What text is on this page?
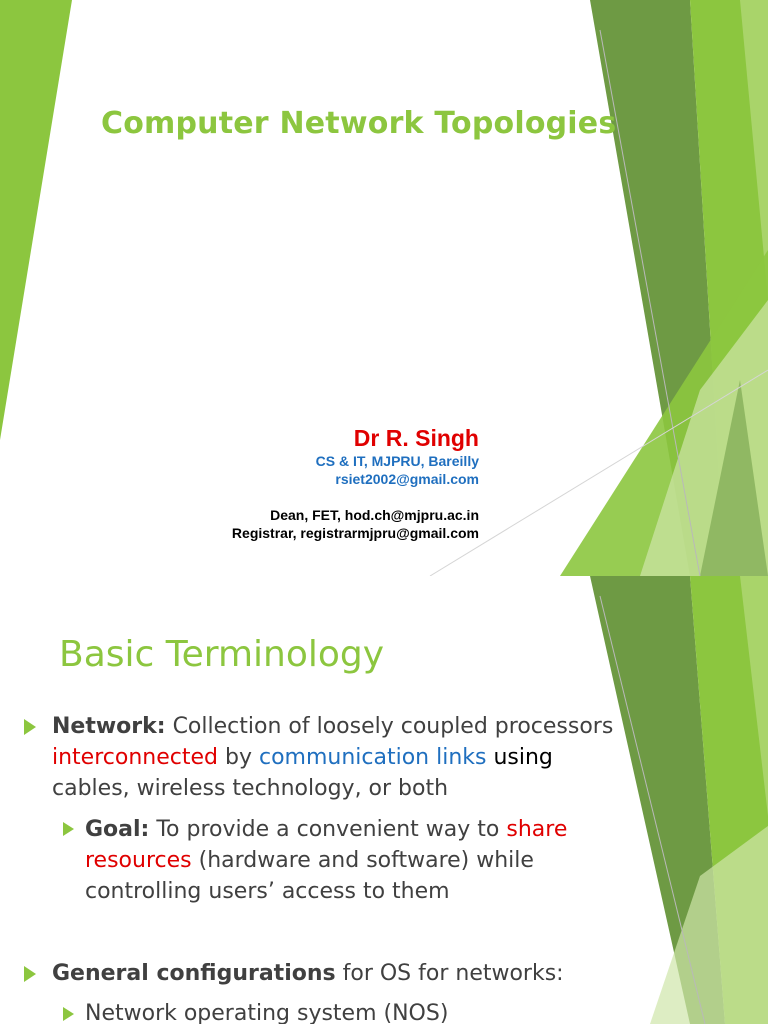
Computer Network Topologies
Dr R. Singh
CS & IT, MJPRU, Bareilly
rsiet2002@gmail.com
Dean, FET, hod.ch@mjpru.ac.in
Registrar, registrarmjpru@gmail.com
Basic Terminology
Network: Collection of loosely coupled processors
interconnected by communication links using
cables, wireless technology, or both
Goal: To provide a convenient way to share
resources (hardware and software) while
controlling users’ access to them
General configurations for OS for networks:
Network operating system (NOS)
